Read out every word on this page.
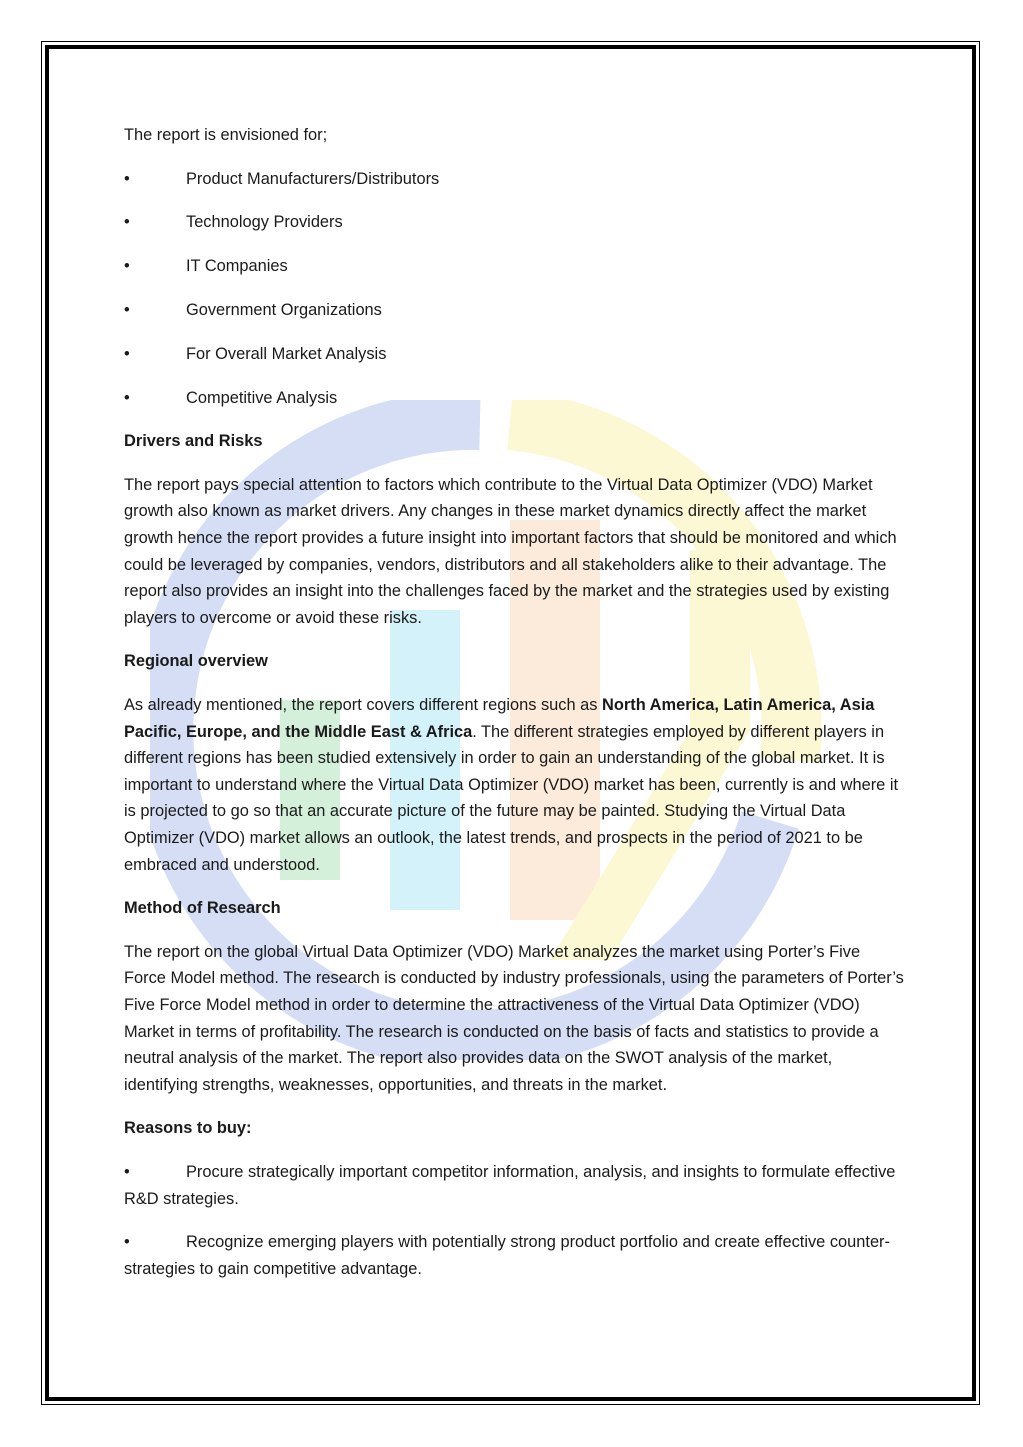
The report is envisioned for;

•	Product Manufacturers/Distributors
•	Technology Providers
•	IT Companies
•	Government Organizations
•	For Overall Market Analysis
•	Competitive Analysis

Drivers and Risks

The report pays special attention to factors which contribute to the Virtual Data Optimizer (VDO) Market growth also known as market drivers. Any changes in these market dynamics directly affect the market growth hence the report provides a future insight into important factors that should be monitored and which could be leveraged by companies, vendors, distributors and all stakeholders alike to their advantage. The report also provides an insight into the challenges faced by the market and the strategies used by existing players to overcome or avoid these risks.

Regional overview

As already mentioned, the report covers different regions such as North America, Latin America, Asia Pacific, Europe, and the Middle East & Africa. The different strategies employed by different players in different regions has been studied extensively in order to gain an understanding of the global market. It is important to understand where the Virtual Data Optimizer (VDO) market has been, currently is and where it is projected to go so that an accurate picture of the future may be painted. Studying the Virtual Data Optimizer (VDO) market allows an outlook, the latest trends, and prospects in the period of 2021 to be embraced and understood.

Method of Research

The report on the global Virtual Data Optimizer (VDO) Market analyzes the market using Porter’s Five Force Model method. The research is conducted by industry professionals, using the parameters of Porter’s Five Force Model method in order to determine the attractiveness of the Virtual Data Optimizer (VDO) Market in terms of profitability. The research is conducted on the basis of facts and statistics to provide a neutral analysis of the market. The report also provides data on the SWOT analysis of the market, identifying strengths, weaknesses, opportunities, and threats in the market.

Reasons to buy:

•	Procure strategically important competitor information, analysis, and insights to formulate effective R&D strategies.

•	Recognize emerging players with potentially strong product portfolio and create effective counter-strategies to gain competitive advantage.
